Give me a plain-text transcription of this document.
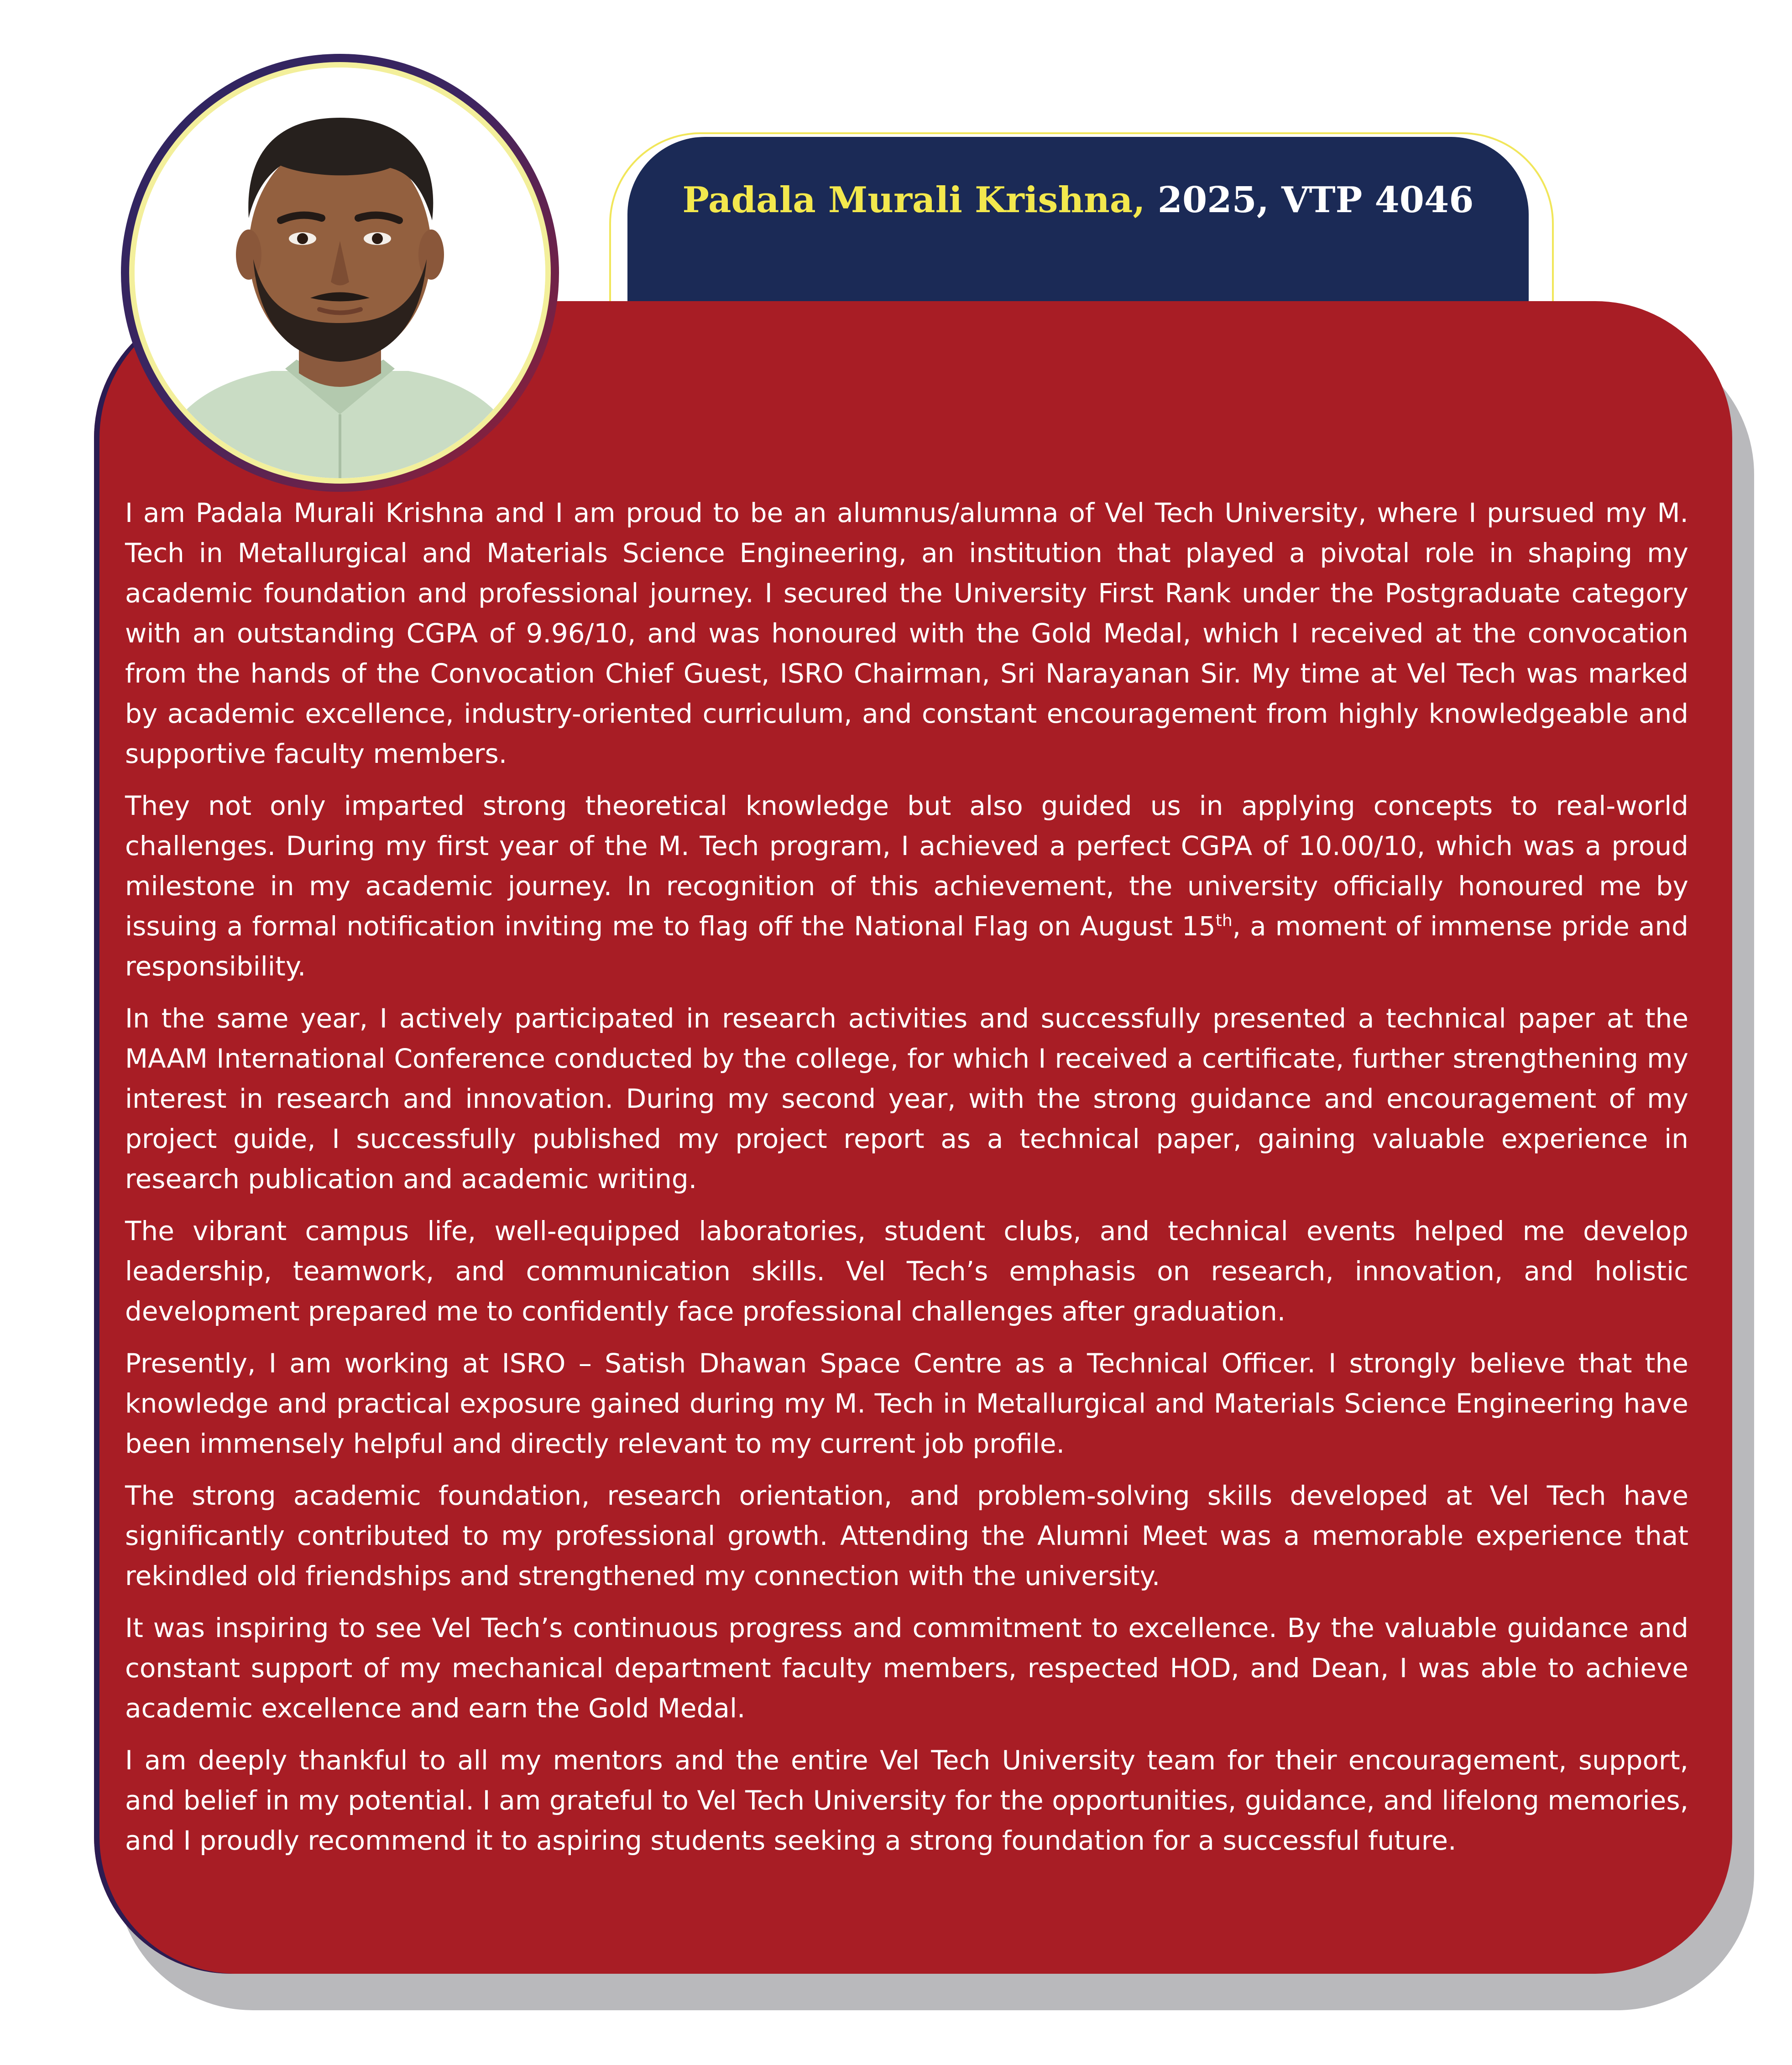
Padala Murali Krishna, 2025, VTP 4046

I am Padala Murali Krishna and I am proud to be an alumnus/alumna of Vel Tech University, where I pursued my M. Tech in Metallurgical and Materials Science Engineering, an institution that played a pivotal role in shaping my academic foundation and professional journey. I secured the University First Rank under the Postgraduate category with an outstanding CGPA of 9.96/10, and was honoured with the Gold Medal, which I received at the convocation from the hands of the Convocation Chief Guest, ISRO Chairman, Sri Narayanan Sir. My time at Vel Tech was marked by academic excellence, industry-oriented curriculum, and constant encouragement from highly knowledgeable and supportive faculty members.

They not only imparted strong theoretical knowledge but also guided us in applying concepts to real-world challenges. During my first year of the M. Tech program, I achieved a perfect CGPA of 10.00/10, which was a proud milestone in my academic journey. In recognition of this achievement, the university officially honoured me by issuing a formal notification inviting me to flag off the National Flag on August 15th, a moment of immense pride and responsibility.

In the same year, I actively participated in research activities and successfully presented a technical paper at the MAAM International Conference conducted by the college, for which I received a certificate, further strengthening my interest in research and innovation. During my second year, with the strong guidance and encouragement of my project guide, I successfully published my project report as a technical paper, gaining valuable experience in research publication and academic writing.

The vibrant campus life, well-equipped laboratories, student clubs, and technical events helped me develop leadership, teamwork, and communication skills. Vel Tech’s emphasis on research, innovation, and holistic development prepared me to confidently face professional challenges after graduation.

Presently, I am working at ISRO – Satish Dhawan Space Centre as a Technical Officer. I strongly believe that the knowledge and practical exposure gained during my M. Tech in Metallurgical and Materials Science Engineering have been immensely helpful and directly relevant to my current job profile.

The strong academic foundation, research orientation, and problem-solving skills developed at Vel Tech have significantly contributed to my professional growth. Attending the Alumni Meet was a memorable experience that rekindled old friendships and strengthened my connection with the university.

It was inspiring to see Vel Tech’s continuous progress and commitment to excellence. By the valuable guidance and constant support of my mechanical department faculty members, respected HOD, and Dean, I was able to achieve academic excellence and earn the Gold Medal.

I am deeply thankful to all my mentors and the entire Vel Tech University team for their encouragement, support, and belief in my potential. I am grateful to Vel Tech University for the opportunities, guidance, and lifelong memories, and I proudly recommend it to aspiring students seeking a strong foundation for a successful future.
